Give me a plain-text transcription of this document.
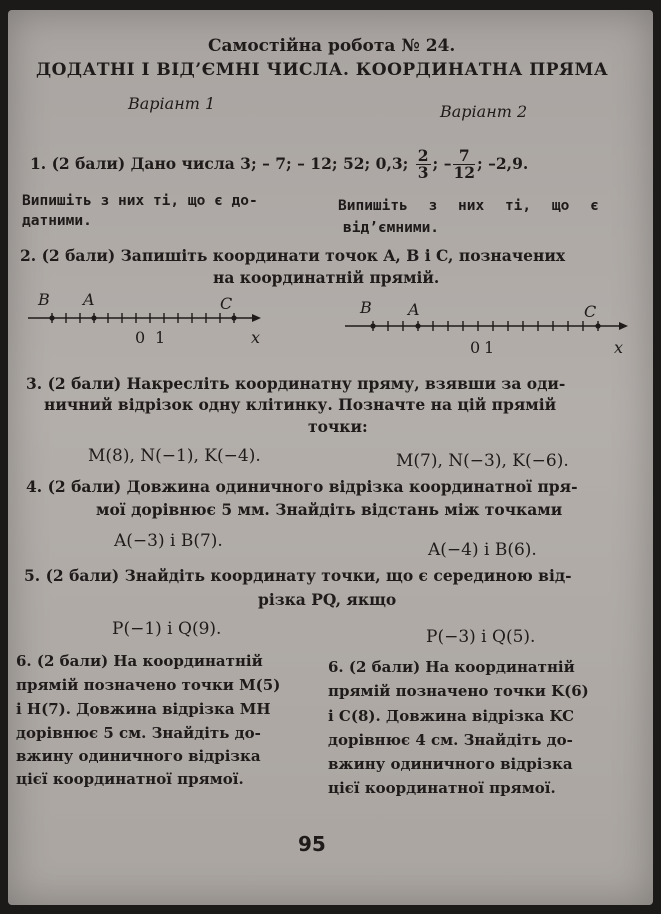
Самостійна робота № 24.
ДОДАТНІ І ВІД’ЄМНІ ЧИСЛА. КООРДИНАТНА ПРЯМА
Варіант 1	Варіант 2
1. (2 бали) Дано числа 3; – 7; – 12; 52; 0,3; $\frac{2}{3}$ ; – $\frac{7}{12}$ ; –2,9.
Випишіть з них ті, що є до-
датними.
Випишіть з них ті, що є
від’ємними.
2. (2 бали) Запишіть координати точок A, B і C, позначених
на координатній прямій.
B A	C
0 1	x
B A	C
0 1	x
3. (2 бали) Накресліть координатну пряму, взявши за оди-
ничний відрізок одну клітинку. Позначте на цій прямій
точки:
M(8), N(−1), K(−4).	M(7), N(−3), K(−6).
4. (2 бали) Довжина одиничного відрізка координатної пря-
мої дорівнює 5 мм. Знайдіть відстань між точками
A(−3) і B(7).	A(−4) і B(6).
5. (2 бали) Знайдіть координату точки, що є серединою від-
різка PQ, якщо
P(−1) і Q(9).	P(−3) і Q(5).
6. (2 бали) На координатній
прямій позначено точки M(5)
і H(7). Довжина відрізка MH
дорівнює 5 см. Знайдіть до-
вжину одиничного відрізка
цієї координатної прямої.
6. (2 бали) На координатній
прямій позначено точки K(6)
і C(8). Довжина відрізка KC
дорівнює 4 см. Знайдіть до-
вжину одиничного відрізка
цієї координатної прямої.
95
